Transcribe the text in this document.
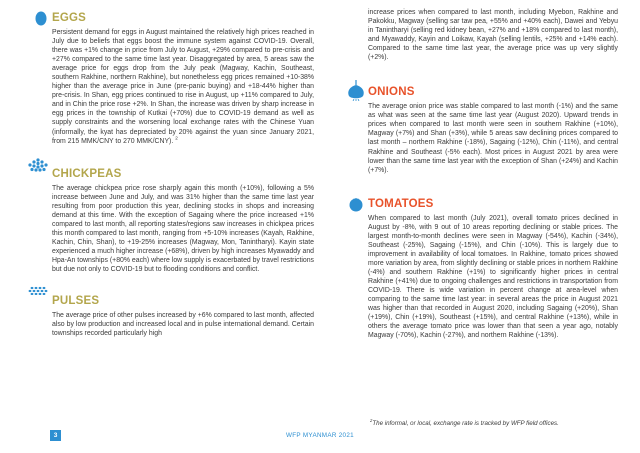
EGGS

Persistent demand for eggs in August maintained the relatively high prices reached in July due to beliefs that eggs boost the immune system against COVID-19. Overall, there was +1% change in price from July to August, +29% compared to pre-crisis and +27% compared to the same time last year. Disaggregated by area, 5 areas saw the average price for eggs drop from the July peak (Magway, Kachin, Southeast, southern Rakhine, northern Rakhine), but nonetheless egg prices remained +10-38% higher than the average price in June (pre-panic buying) and +18-44% higher than pre-crisis. In Shan, egg prices continued to rise in August, up +11% compared to July, and in Chin the price rose +2%. In Shan, the increase was driven by sharp increase in egg prices in the township of Kutkai (+70%) due to COVID-19 demand as well as supply constraints and the worsening local exchange rates with the Chinese Yuan (informally, the kyat has depreciated by 20% against the yuan since January 2021, from 215 MMK/CNY to 270 MMK/CNY). $^2$

CHICKPEAS

The average chickpea price rose sharply again this month (+10%), following a 5% increase between June and July, and was 31% higher than the same time last year resulting from poor production this year, declining stocks in shops and increasing demand at this time. With the exception of Sagaing where the price increased +1% compared to last month, all reporting states/regions saw increases in chickpea prices this month compared to last month, ranging from +5-10% increases (Kayah, Rakhine, Kachin, Chin, Shan), to +19-25% increases (Magway, Mon, Tanintharyi). Kayin state experienced a much higher increase (+68%), driven by high increases Myawaddy and Hpa-An townships (+80% each) where low supply is exacerbated by travel restrictions but due not only to COVID-19 but to flooding conditions and conflict.

PULSES

The average price of other pulses increased by +6% compared to last month, affected also by low production and increased local and in pulse international demand. Certain townships recorded particularly high

increase prices when compared to last month, including Myebon, Rakhine and Pakokku, Magway (selling sar taw pea, +55% and +40% each), Dawei and Yebyu in Tanintharyi (selling red kidney bean, +27% and +18% compared to last month), and Myawaddy, Kayin and Loikaw, Kayah (selling lentils, +25% and +14% each). Compared to the same time last year, the average price was up very slightly (+2%).

ONIONS

The average onion price was stable compared to last month (-1%) and the same as what was seen at the same time last year (August 2020). Upward trends in prices when compared to last month were seen in southern Rakhine (+10%), Magway (+7%) and Shan (+3%), while 5 areas saw declining prices compared to last month – northern Rakhine (-18%), Sagaing (-12%), Chin (-11%), and central Rakhine and Southeast (-5% each). Most prices in August 2021 by area were lower than the same time last year with the exception of Shan (+24%) and Kachin (+7%).

TOMATOES

When compared to last month (July 2021), overall tomato prices declined in August by -8%, with 9 out of 10 areas reporting declining or stable prices. The largest month-to-month declines were seen in Magway (-54%), Kachin (-34%), Southeast (-25%), Sagaing (-15%), and Chin (-10%). This is largely due to improvement in availability of local tomatoes. In Rakhine, tomato prices showed more variation by area, from slightly declining or stable prices in northern Rakhine (-4%) and southern Rakhine (+1%) to significantly higher prices in central Rakhine (+41%) due to ongoing challenges and restrictions in transportation from COVID-19. There is wide variation in percent change at area-level when comparing to the same time last year: in several areas the price in August 2021 was higher than that recorded in August 2020, including Sagaing (+20%), Shan (+19%), Chin (+19%), Southeast (+15%), and central Rakhine (+13%), while in others the average tomato price was lower than that seen a year ago, notably Magway (-70%), Kachin (-27%), and northern Rakhine (-13%).

$^2$The informal, or local, exchange rate is tracked by WFP field offices.
3	WFP MYANMAR 2021
